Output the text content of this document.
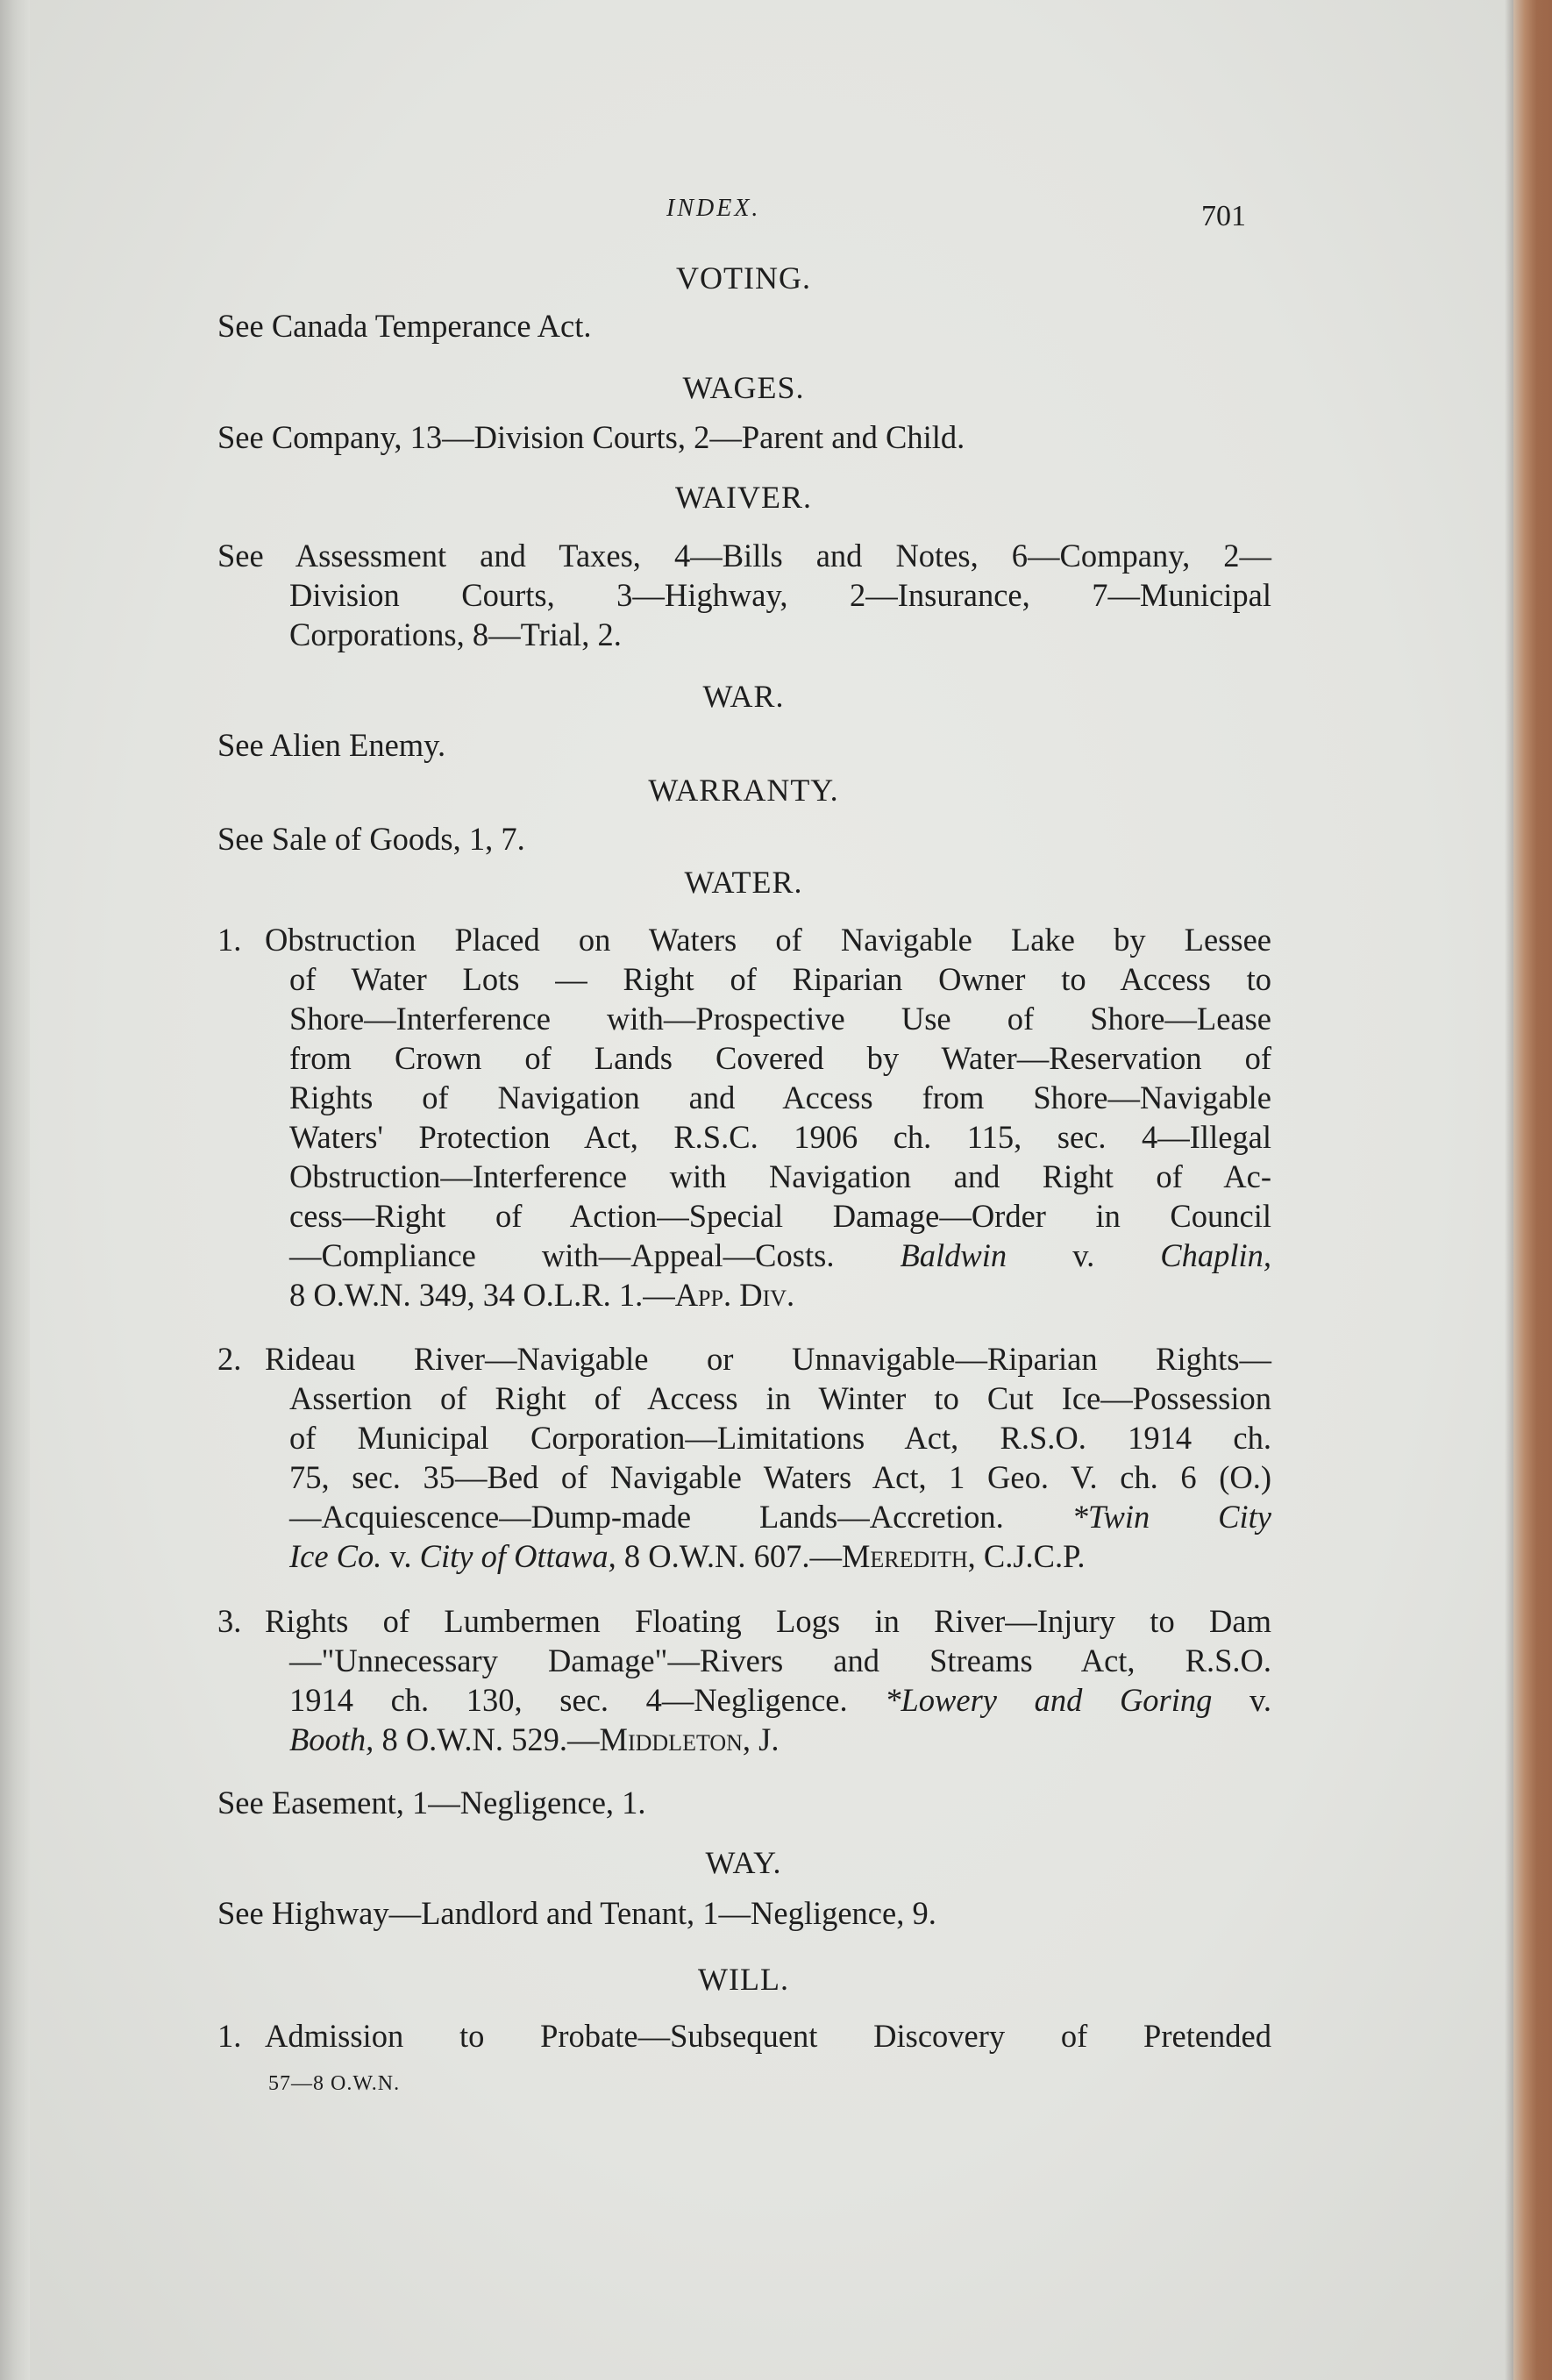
INDEX.	701
VOTING.
See Canada Temperance Act.
WAGES.
See Company, 13—Division Courts, 2—Parent and Child.
WAIVER.
See Assessment and Taxes, 4—Bills and Notes, 6—Company, 2—
Division Courts, 3—Highway, 2—Insurance, 7—Municipal
Corporations, 8—Trial, 2.
WAR.
See Alien Enemy.
WARRANTY.
See Sale of Goods, 1, 7.
WATER.
1. Obstruction Placed on Waters of Navigable Lake by Lessee
of Water Lots — Right of Riparian Owner to Access to
Shore—Interference with—Prospective Use of Shore—Lease
from Crown of Lands Covered by Water—Reservation of
Rights of Navigation and Access from Shore—Navigable
Waters' Protection Act, R.S.C. 1906 ch. 115, sec. 4—Illegal
Obstruction—Interference with Navigation and Right of Ac-
cess—Right of Action—Special Damage—Order in Council
—Compliance with—Appeal—Costs. Baldwin v. Chaplin,
8 O.W.N. 349, 34 O.L.R. 1.—App. Div.
2. Rideau River—Navigable or Unnavigable—Riparian Rights—
Assertion of Right of Access in Winter to Cut Ice—Possession
of Municipal Corporation—Limitations Act, R.S.O. 1914 ch.
75, sec. 35—Bed of Navigable Waters Act, 1 Geo. V. ch. 6 (O.)
—Acquiescence—Dump-made Lands—Accretion. *Twin City
Ice Co. v. City of Ottawa, 8 O.W.N. 607.—Meredith, C.J.C.P.
3. Rights of Lumbermen Floating Logs in River—Injury to Dam
—"Unnecessary Damage"—Rivers and Streams Act, R.S.O.
1914 ch. 130, sec. 4—Negligence. *Lowery and Goring v.
Booth, 8 O.W.N. 529.—Middleton, J.
See Easement, 1—Negligence, 1.
WAY.
See Highway—Landlord and Tenant, 1—Negligence, 9.
WILL.
1. Admission to Probate—Subsequent Discovery of Pretended
57—8 O.W.N.
